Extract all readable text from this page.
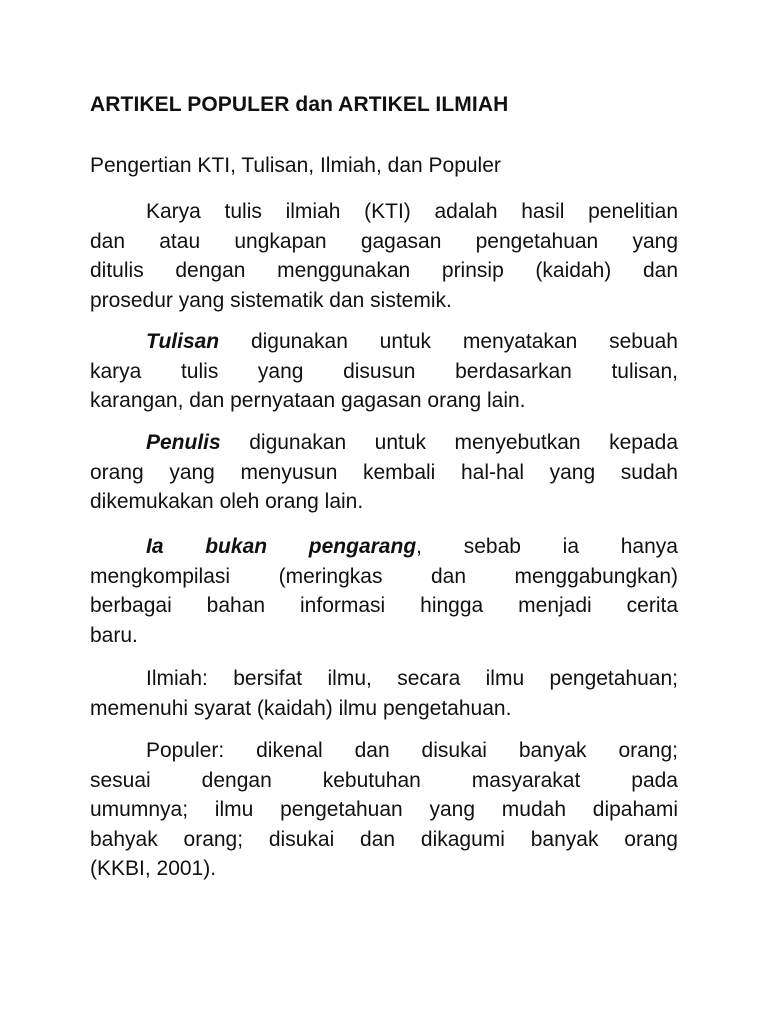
ARTIKEL POPULER dan ARTIKEL ILMIAH
Pengertian KTI, Tulisan, Ilmiah, dan Populer
Karya tulis ilmiah (KTI) adalah hasil penelitian
dan atau ungkapan gagasan pengetahuan yang
ditulis dengan menggunakan prinsip (kaidah) dan
prosedur yang sistematik dan sistemik.
Tulisan digunakan untuk menyatakan sebuah
karya tulis yang disusun berdasarkan tulisan,
karangan, dan pernyataan gagasan orang lain.
Penulis digunakan untuk menyebutkan kepada
orang yang menyusun kembali hal-hal yang sudah
dikemukakan oleh orang lain.
Ia bukan pengarang, sebab ia hanya
mengkompilasi (meringkas dan menggabungkan)
berbagai bahan informasi hingga menjadi cerita
baru.
Ilmiah: bersifat ilmu, secara ilmu pengetahuan;
memenuhi syarat (kaidah) ilmu pengetahuan.
Populer: dikenal dan disukai banyak orang;
sesuai dengan kebutuhan masyarakat pada
umumnya; ilmu pengetahuan yang mudah dipahami
bahyak orang; disukai dan dikagumi banyak orang
(KKBI, 2001).
